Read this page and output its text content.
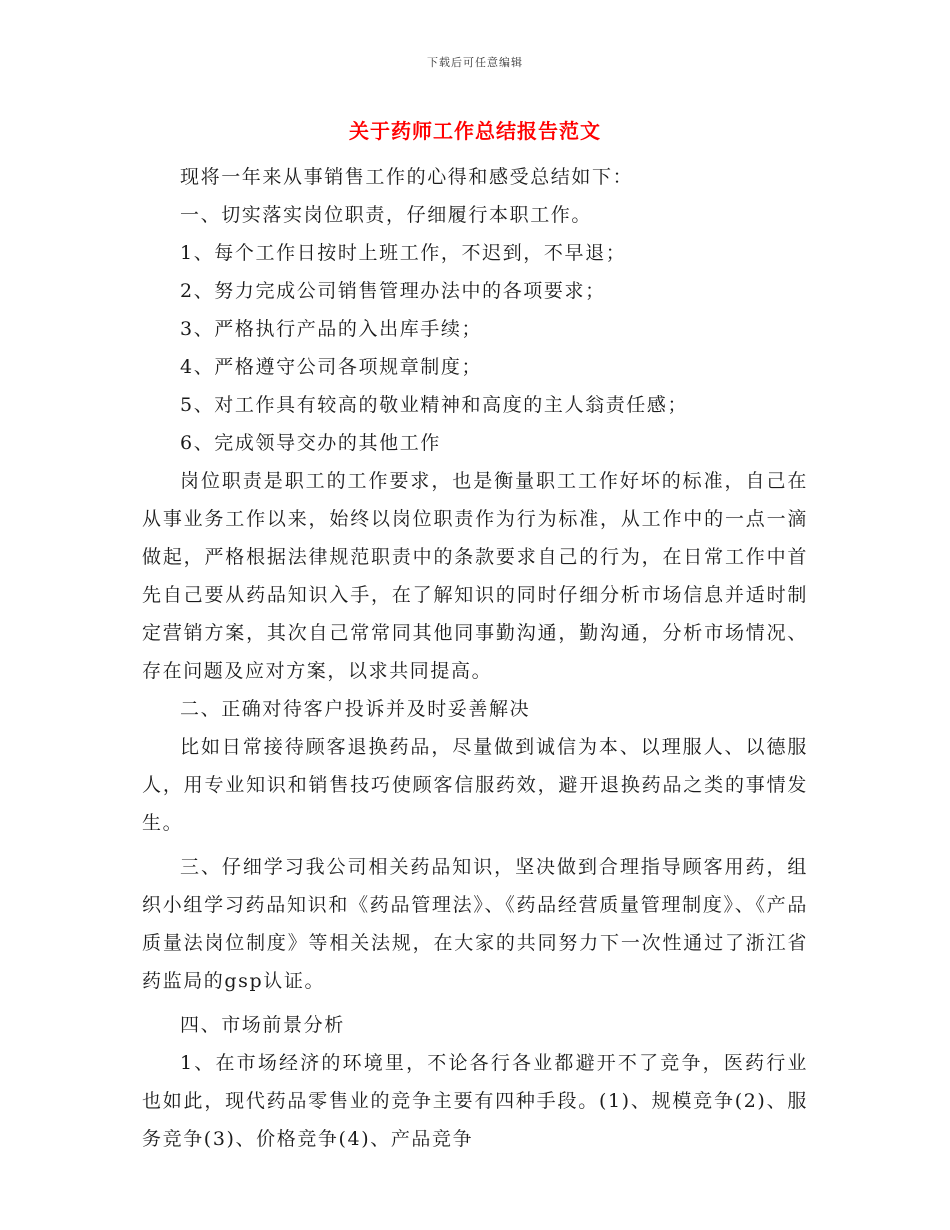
下载后可任意编辑
关于药师工作总结报告范文

现将一年来从事销售工作的心得和感受总结如下：

一、切实落实岗位职责，仔细履行本职工作。

1、每个工作日按时上班工作，不迟到，不早退；

2、努力完成公司销售管理办法中的各项要求；

3、严格执行产品的入出库手续；

4、严格遵守公司各项规章制度；

5、对工作具有较高的敬业精神和高度的主人翁责任感；

6、完成领导交办的其他工作

岗位职责是职工的工作要求，也是衡量职工工作好坏的标准，自己在从事业务工作以来，始终以岗位职责作为行为标准，从工作中的一点一滴做起，严格根据法律规范职责中的条款要求自己的行为，在日常工作中首先自己要从药品知识入手，在了解知识的同时仔细分析市场信息并适时制定营销方案，其次自己常常同其他同事勤沟通，勤沟通，分析市场情况、存在问题及应对方案，以求共同提高。

二、正确对待客户投诉并及时妥善解决

比如日常接待顾客退换药品，尽量做到诚信为本、以理服人、以德服人，用专业知识和销售技巧使顾客信服药效，避开退换药品之类的事情发生。

三、仔细学习我公司相关药品知识，坚决做到合理指导顾客用药，组织小组学习药品知识和《药品管理法》、《药品经营质量管理制度》、《产品质量法岗位制度》等相关法规，在大家的共同努力下一次性通过了浙江省药监局的gsp认证。

四、市场前景分析

1、在市场经济的环境里，不论各行各业都避开不了竞争，医药行业也如此，现代药品零售业的竞争主要有四种手段。(1)、规模竞争(2)、服务竞争(3)、价格竞争(4)、产品竞争
